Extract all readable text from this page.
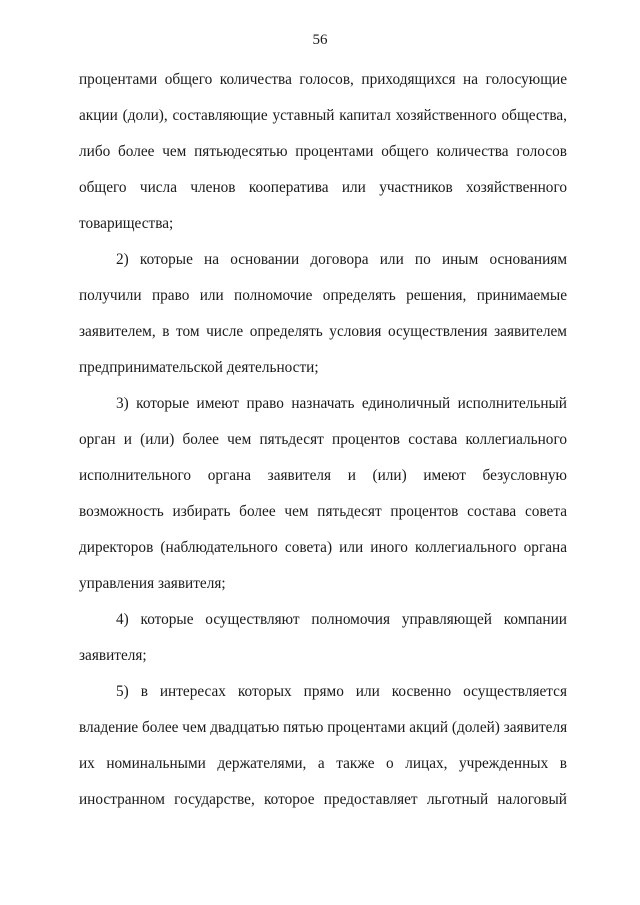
56
процентами общего количества голосов, приходящихся на голосующие
акции (доли), составляющие уставный капитал хозяйственного общества,
либо более чем пятьюдесятью процентами общего количества голосов
общего числа членов кооператива или участников хозяйственного
товарищества;
2) которые на основании договора или по иным основаниям
получили право или полномочие определять решения, принимаемые
заявителем, в том числе определять условия осуществления заявителем
предпринимательской деятельности;
3) которые имеют право назначать единоличный исполнительный
орган и (или) более чем пятьдесят процентов состава коллегиального
исполнительного органа заявителя и (или) имеют безусловную
возможность избирать более чем пятьдесят процентов состава совета
директоров (наблюдательного совета) или иного коллегиального органа
управления заявителя;
4) которые осуществляют полномочия управляющей компании
заявителя;
5) в интересах которых прямо или косвенно осуществляется
владение более чем двадцатью пятью процентами акций (долей) заявителя
их номинальными держателями, а также о лицах, учрежденных в
иностранном государстве, которое предоставляет льготный налоговый
